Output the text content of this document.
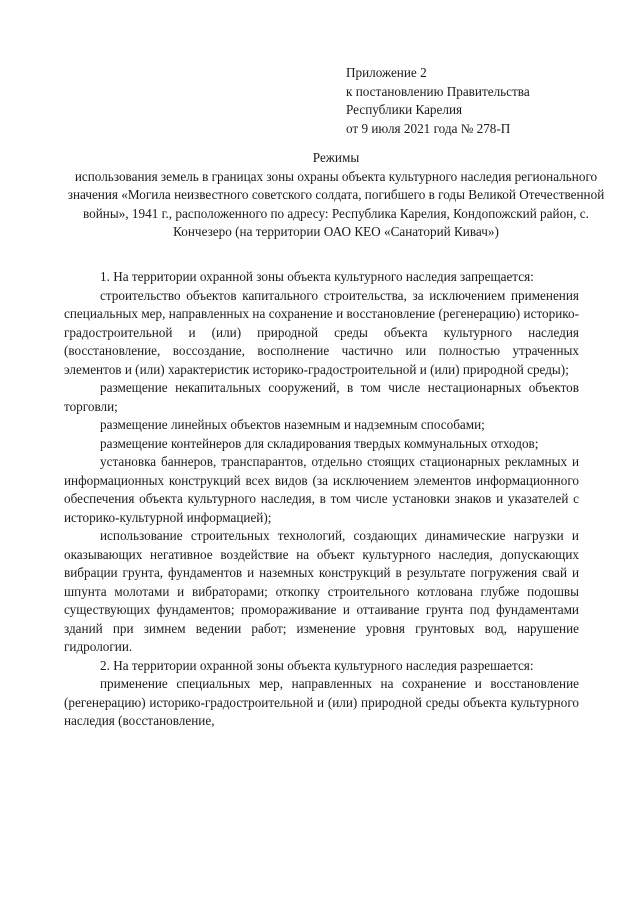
Приложение 2
к постановлению Правительства
Республики Карелия
от 9 июля 2021 года № 278-П
Режимы
использования земель в границах зоны охраны объекта культурного наследия регионального значения «Могила неизвестного советского солдата, погибшего в годы Великой Отечественной войны», 1941 г., расположенного по адресу: Республика Карелия, Кондопожский район, с. Кончезеро (на территории ОАО КЕО «Санаторий Кивач»)

1. На территории охранной зоны объекта культурного наследия запрещается:

строительство объектов капитального строительства, за исключением применения специальных мер, направленных на сохранение и восстановление (регенерацию) историко-градостроительной и (или) природной среды объекта культурного наследия (восстановление, воссоздание, восполнение частично или полностью утраченных элементов и (или) характеристик историко-градостроительной и (или) природной среды);

размещение некапитальных сооружений, в том числе нестационарных объектов торговли;

размещение линейных объектов наземным и надземным способами;

размещение контейнеров для складирования твердых коммунальных отходов;

установка баннеров, транспарантов, отдельно стоящих стационарных рекламных и информационных конструкций всех видов (за исключением элементов информационного обеспечения объекта культурного наследия, в том числе установки знаков и указателей с историко-культурной информацией);

использование строительных технологий, создающих динамические нагрузки и оказывающих негативное воздействие на объект культурного наследия, допускающих вибрации грунта, фундаментов и наземных конструкций в результате погружения свай и шпунта молотами и вибраторами; откопку строительного котлована глубже подошвы существующих фундаментов; промораживание и оттаивание грунта под фундаментами зданий при зимнем ведении работ; изменение уровня грунтовых вод, нарушение гидрологии.

2. На территории охранной зоны объекта культурного наследия разрешается:

применение специальных мер, направленных на сохранение и восстановление (регенерацию) историко-градостроительной и (или) природной среды объекта культурного наследия (восстановление,
